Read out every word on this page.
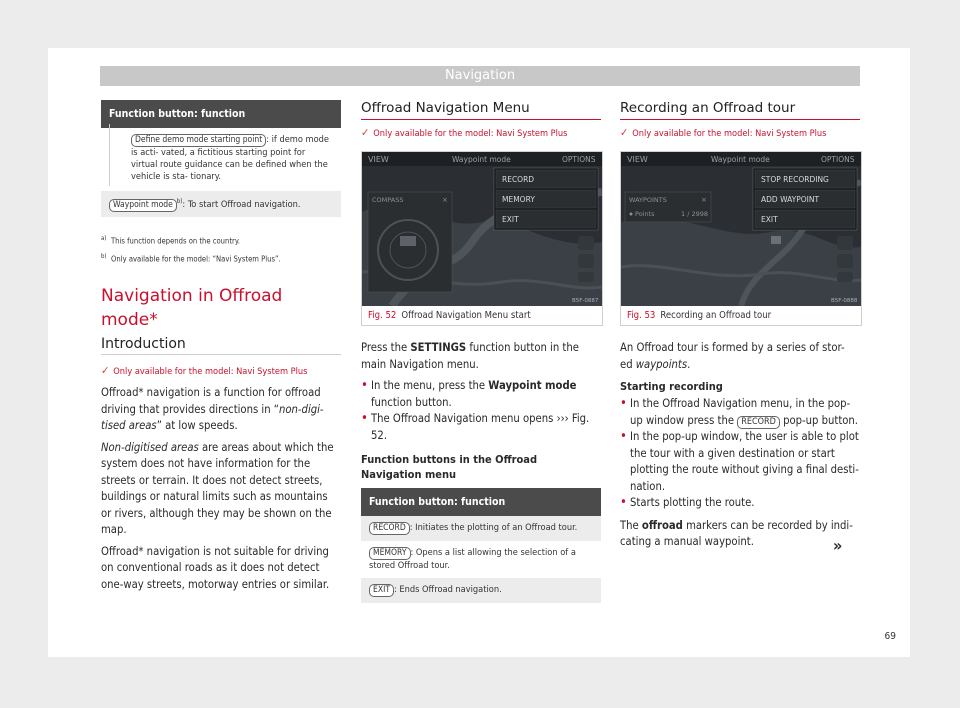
Navigation
Function button: function
Define demo mode starting point : if demo mode is acti- vated, a fictitious starting point for virtual route guidance can be defined when the vehicle is sta- tionary.
Waypoint mode $^{b)}$: To start Offroad navigation.
a) This function depends on the country.
b) Only available for the model: “Navi System Plus”.
Navigation in Offroad mode*
Introduction
✓ Only available for the model: Navi System Plus

Offroad* navigation is a function for offroad driving that provides directions in “non-digi- tised areas” at low speeds.

Non-digitised areas are areas about which the system does not have information for the streets or terrain. It does not detect streets, buildings or natural limits such as mountains or rivers, although they may be shown on the map.

Offroad* navigation is not suitable for driving on conventional roads as it does not detect one-way streets, motorway entries or similar.

Offroad Navigation Menu
✓ Only available for the model: Navi System Plus
VIEW	Waypoint mode	OPTIONS
COMPASS	×
RECORD
MEMORY
EXIT
B5F-0887
Fig. 52 Offroad Navigation Menu start

Press the SETTINGS function button in the main Navigation menu.

• In the menu, press the Waypoint mode function button.
• The Offroad Navigation menu opens ››› Fig. 52.
Function buttons in the Offroad Navigation menu
Function button: function
RECORD : Initiates the plotting of an Offroad tour.
MEMORY : Opens a list allowing the selection of a stored Offroad tour.
EXIT : Ends Offroad navigation.
Recording an Offroad tour
✓ Only available for the model: Navi System Plus
VIEW	Waypoint mode	OPTIONS
WAYPOINTS	×
Points	1 / 2998
STOP RECORDING
ADD WAYPOINT
EXIT
B5F-0888
Fig. 53 Recording an Offroad tour

An Offroad tour is formed by a series of stor- ed waypoints.

Starting recording
• In the Offroad Navigation menu, in the pop- up window press the RECORD pop-up button.
• In the pop-up window, the user is able to plot the tour with a given destination or start plotting the route without giving a final desti- nation.
• Starts plotting the route.

The offroad markers can be recorded by indi- cating a manual waypoint.	»
69
